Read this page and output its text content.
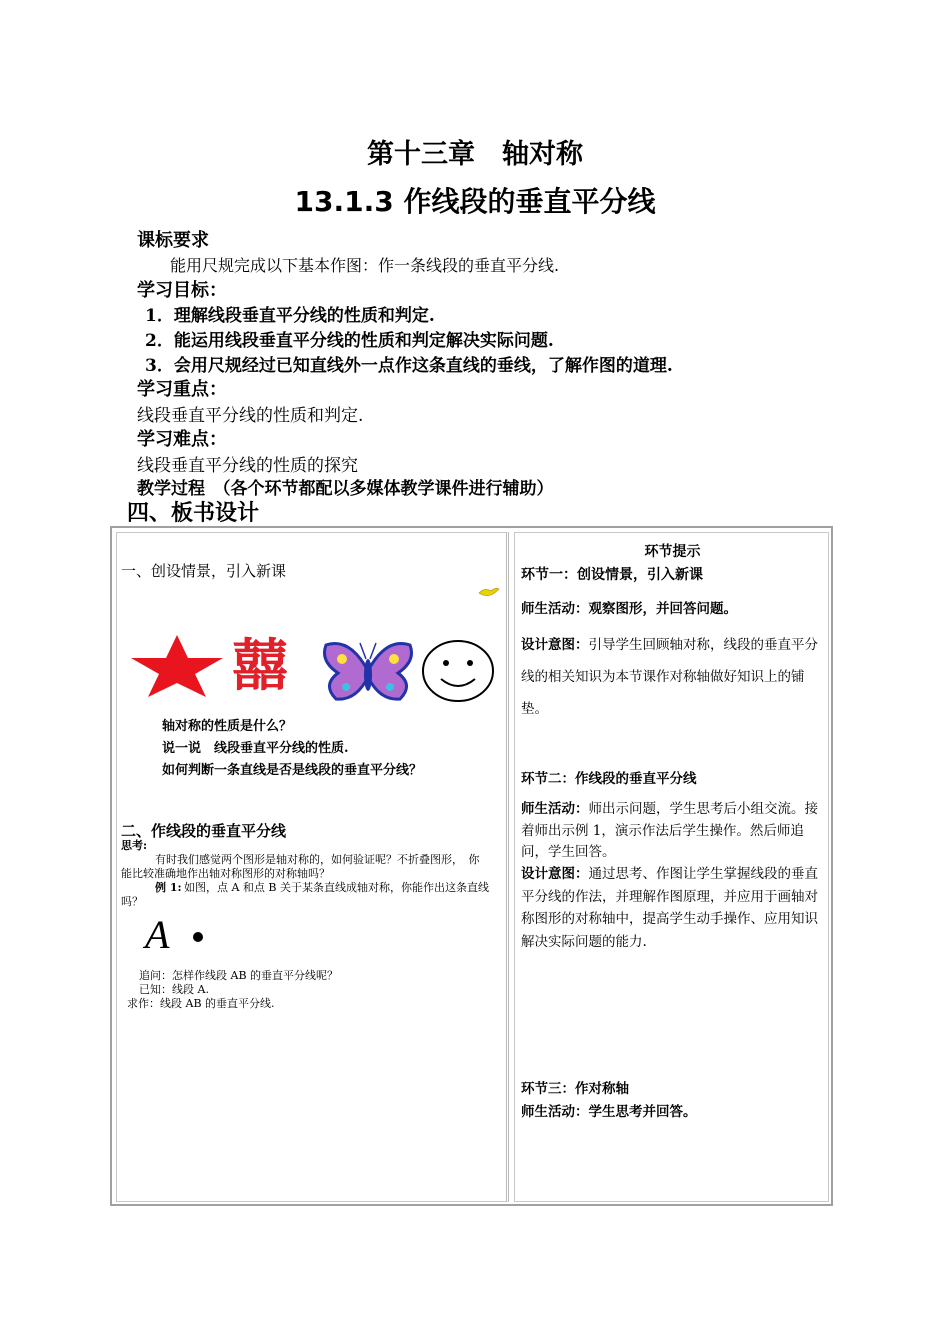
第十三章　轴对称
13.1.3 作线段的垂直平分线
课标要求
能用尺规完成以下基本作图：作一条线段的垂直平分线.
学习目标：
1．理解线段垂直平分线的性质和判定.
2．能运用线段垂直平分线的性质和判定解决实际问题.
3．会用尺规经过已知直线外一点作这条直线的垂线，了解作图的道理.
学习重点：
线段垂直平分线的性质和判定.
学习难点：
线段垂直平分线的性质的探究
教学过程　（各个环节都配以多媒体教学课件进行辅助）
四、板书设计
一、创设情景，引入新课
囍
轴对称的性质是什么？
说一说　线段垂直平分线的性质.
如何判断一条直线是否是线段的垂直平分线？
二、作线段的垂直平分线
思考:
有时我们感觉两个图形是轴对称的，如何验证呢？不折叠图形，　你
能比较准确地作出轴对称图形的对称轴吗？
例 1: 如图，点 A 和点 B 关于某条直线成轴对称，你能作出这条直线
吗？
A
追问：怎样作线段 AB 的垂直平分线呢？
已知：线段 A.
求作：线段 AB 的垂直平分线.
环节提示
环节一：创设情景，引入新课
师生活动：观察图形，并回答问题。
设计意图：引导学生回顾轴对称，线段的垂直平分线的相关知识为本节课作对称轴做好知识上的铺垫。
环节二：作线段的垂直平分线
师生活动：师出示问题，学生思考后小组交流。接着师出示例 1，演示作法后学生操作。然后师追问，学生回答。
设计意图：通过思考、作图让学生掌握线段的垂直平分线的作法，并理解作图原理，并应用于画轴对称图形的对称轴中，提高学生动手操作、应用知识解决实际问题的能力.
环节三：作对称轴
师生活动：学生思考并回答。
